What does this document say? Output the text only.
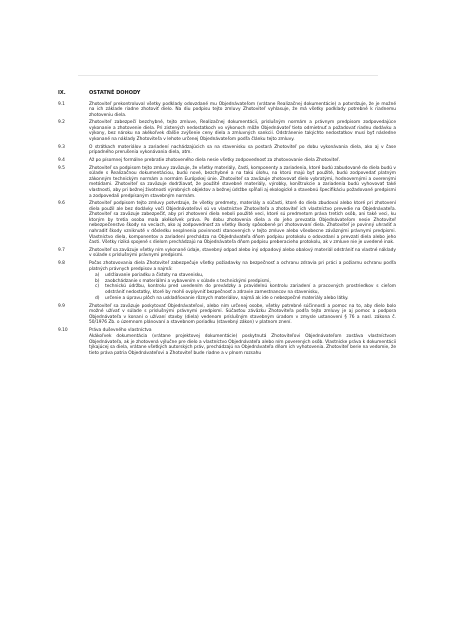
IX.	OSTATNÉ DOHODY
9.1	Zhotoviteľ prekontroluval všetky podklady odovzdané mu Objednávateľom (vrátane Realizačnej dokumentácie) a potvrdzuje, že je možné na ich základe riadne zhotoviť dielo. Na diu podpisu tejto zmluvy Zhotoviteľ vyhlasuje, že má všetky podklady potrebné k riadnemu zhotoveniu diela.
9.2	Zhotoviteľ zabezpečí bezchybné, tejto zmluve, Realizačnej dokumentácii, príslušným normám a právnym predpisom zodpovedajúce vykonanie a zhotovenie diela. Pri zistených nedostatkoch vo výkonoch môže Objednávateľ tieto odmietnuť a požadovať riadnu dodávku a výkony, bez nároku na akékoľvek ďalšie zvýšenie ceny diela a zmluvných sankcií. Odstránenie takýchto nedostatkov musí byť následne vykonané na náklady Zhotoviteľa v lehote určenej Objednávateľom podľa článku tejto zmluvy.
9.3	O strátkach materiálov a zariadení nachádzajúcich sa na stavenisku sa postará Zhotoviteľ po dobu vykonávania diela, ako aj v čase prípadného prerušenia vykonávania diela, atm.
9.4	Až po písomnej formálne prebratie zhotoveného diela nesie všetky zodpovednosť za zhotovovanie diela Zhotoviteľ.
9.5	Zhotoviteľ sa podpisom tejto zmluvy zaväzuje, že všetky materiály, časti, komponenty a zariadenia, ktoré budú zabudované do diela budú v súlade s Realizačnou dokumentáciou, budú nové, bezchybné a na takú úlohu, na ktorú majú byť použité, budú zodpovedať platným zákonným technickým normám a normám Európskej únie. Zhotoviteľ sa zaväzuje zhotovovať dielo vybratými, hodnovernými a overenými metódami. Zhotoviteľ sa zaväzuje dodržiavať, že použité stavebné materiály, výrobky, konštrukcie a zariadenia budú vyhovovať také vlastnosti, aby pri bežnej životnosti výrobných objektov a bežnej údržbe spĺňali aj ekologické a stavebnú špecifikáciu požadované predpismi a zodpovedali predpísaným stavebným normám.
9.6	Zhotoviteľ podpisom tejto zmluvy potvrdzuje, že všetky predmety, materiály a súčasti, ktoré do diela zbudovaí alebo ktoré pri zhotovení diela použil ale bez dodávky voči Objednávateľovi sú vo vlastníctve Zhotoviteľa a zhotoviteľ ich vlastníctvo prevedie na Objednávateľa. Zhotoviteľ sa zaväzuje zabezpečiť, aby pri zhotovení diela neboli použité veci, ktoré sú predmetom práva tretích osôb, ani také veci, ku ktorým by tretia osoba mala akékoľvek práva. Po dobu zhotovenia diela a do jeho prevzatia Objednávateľom nesie Zhotoviteľ nebezpečenstvo škody na veciach, ako aj zodpovednosť za všetky škody spôsobené pri zhotovovaní diela. Zhotoviteľ je povinný uhradiť a nahradiť škody vzniknuté v dôsledku nesplnenia povinností stanovených v tejto zmluve alebo všeobecne záväznými právnymi predpismi. Vlastníctvo diela, komponentov a zariadení prechádza na Objednávateľa dňom podpisu protokolu o odovzdaní a prevzatí diela alebo jeho časti. Všetky riziká spojené s dielom prechádzajú na Objednávateľa dňom podpisu preberacieho protokolu, ak v zmluve nie je uvedené inak.
9.7	Zhotoviteľ sa zaväzuje všetky ním vykonané údaje, stavebný odpad alebo iný odpadový alebo obalový materiál odstrániť na vlastné náklady v súlade s príslušnými právnymi predpismi.
9.8	Počas zhotovovania diela Zhotoviteľ zabezpečuje všetky požiadavky na bezpečnosť a ochranu zdravia pri práci a požiarnu ochranu podľa platných právnych predpisov a najmä:
a)	udržiavanie poriadku a čistoty na stavenisku,
b)	zaobchádzanie s materiálmi a vybavením v súlade s technickými predpismi,
c)	technickú údržbu, kontrolu pred uvedením do prevádzky a pravidelnú kontrolu zariadení a pracovných prostriedkov s cieľom odstrániť nedostatky, ktoré by mohli ovplyvniť bezpečnosť a zdravie zamestnancov na stavenisku,
d)	určenie a úpravu plôch na uskladňovanie rôznych materiálov, najmä ak ide o nebezpečné materiály alebo látky.
9.9	Zhotoviteľ sa zaväzuje poskytovať Objednávateľovi, alebo ním určenej osobe, všetky potrebné súčinnosti a pomoc na to, aby dielo bolo možné užívať v súlade s príslušnými právnymi predpismi. Súčasťou záväzku Zhotoviteľa podľa tejto zmluvy je aj pomoc a podpora Objednávateľa v konaní o užívaní stavby (diela) vedenom príslušným stavebným úradom v zmysle ustanovení § 76 a nasl. zákona č. 50/1976 Zb. o územnom plánovaní a stavebnom poriadku (stavebný zákon) v platnom znení.
9.10	Práva duševného vlastníctva
Akákoľvek dokumentácia (vrátane projektovej dokumentácie) poskytnutá Zhotoviteľovi Objednávateľom zostáva vlastníctvom Objednávateľa, ak je zhotovená výlučne pre dielo a vlastníctvo Objednávateľa alebo ním poverených osôb. Vlastnícke práva k dokumentácii týkajúcej sa diela, vrátane všetkých autorských práv, prechádzajú na Objednávateľa dňom ich vyhotovenia. Zhotoviteľ berie na vedomie, že tieto práva patria Objednávateľovi a Zhotoviteľ bude riadne a v plnom rozsahu
